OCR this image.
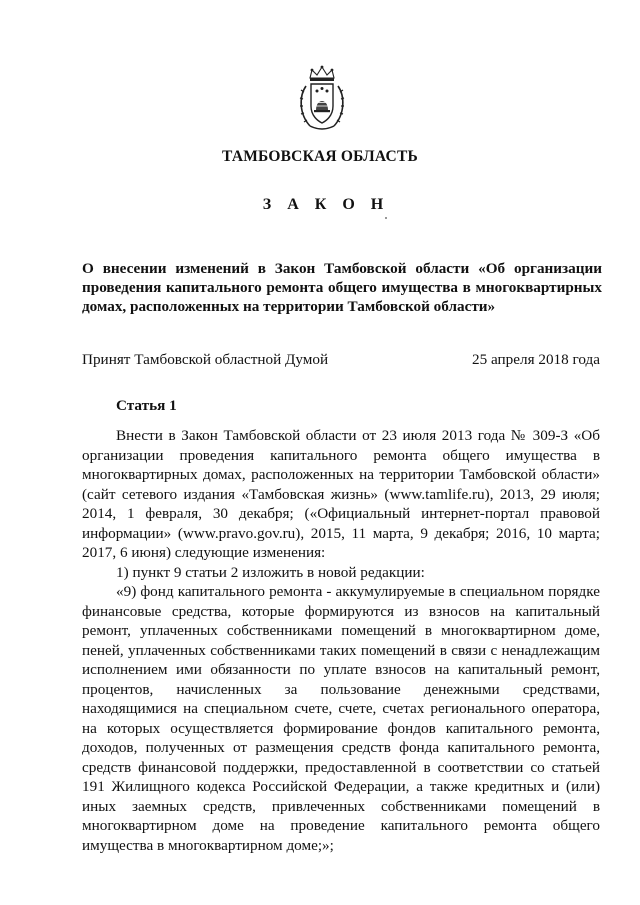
ТАМБОВСКАЯ ОБЛАСТЬ
З А К О Н
О внесении изменений в Закон Тамбовской области «Об организации проведения капитального ремонта общего имущества в многоквартирных домах, расположенных на территории Тамбовской области»
Принят Тамбовской областной Думой	25 апреля 2018 года
Статья 1

Внести в Закон Тамбовской области от 23 июля 2013 года № 309-З «Об организации проведения капитального ремонта общего имущества в многоквартирных домах, расположенных на территории Тамбовской области» (сайт сетевого издания «Тамбовская жизнь» (www.tamlife.ru), 2013, 29 июля; 2014, 1 февраля, 30 декабря; («Официальный интернет-портал правовой информации» (www.pravo.gov.ru), 2015, 11 марта, 9 декабря; 2016, 10 марта; 2017, 6 июня) следующие изменения:

1) пункт 9 статьи 2 изложить в новой редакции:

«9) фонд капитального ремонта - аккумулируемые в специальном порядке финансовые средства, которые формируются из взносов на капитальный ремонт, уплаченных собственниками помещений в многоквартирном доме, пеней, уплаченных собственниками таких помещений в связи с ненадлежащим исполнением ими обязанности по уплате взносов на капитальный ремонт, процентов, начисленных за пользование денежными средствами, находящимися на специальном счете, счете, счетах регионального оператора, на которых осуществляется формирование фондов капитального ремонта, доходов, полученных от размещения средств фонда капитального ремонта, средств финансовой поддержки, предоставленной в соответствии со статьей 191 Жилищного кодекса Российской Федерации, а также кредитных и (или) иных заемных средств, привлеченных собственниками помещений в многоквартирном доме на проведение капитального ремонта общего имущества в многоквартирном доме;»;
